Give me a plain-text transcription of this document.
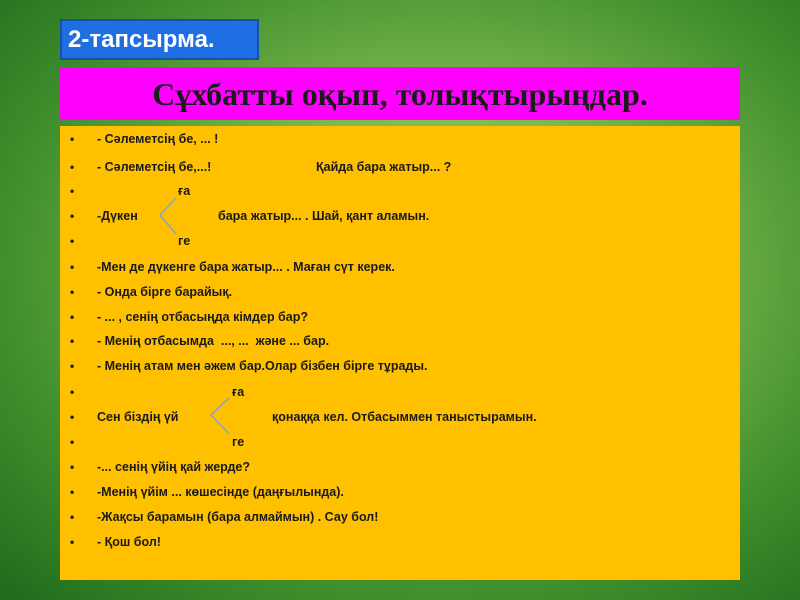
2-тапсырма.
Сұхбатты оқып, толықтырыңдар.
• - Сәлеметсің бе, ... !
• - Сәлеметсің бе,...!	Қайда бара жатыр... ?
•	ға
• -Дүкен	бара жатыр... . Шай, қант аламын.
•	ге
• -Мен де дүкенге бара жатыр... . Маған сүт керек.
• - Онда бірге барайық.
• - ... , сенің отбасыңда кімдер бар?
• - Менің отбасымда  ..., ...  және ... бар.
• - Менің атам мен әжем бар.Олар бізбен бірге тұрады.
•	ға
• Сен біздің үй	қонаққа кел. Отбасыммен таныстырамын.
•	ге
• -... сенің үйің қай жерде?
• -Менің үйім ... көшесінде (даңғылында).
• -Жақсы барамын (бара алмаймын) . Сау бол!
• - Қош бол!
